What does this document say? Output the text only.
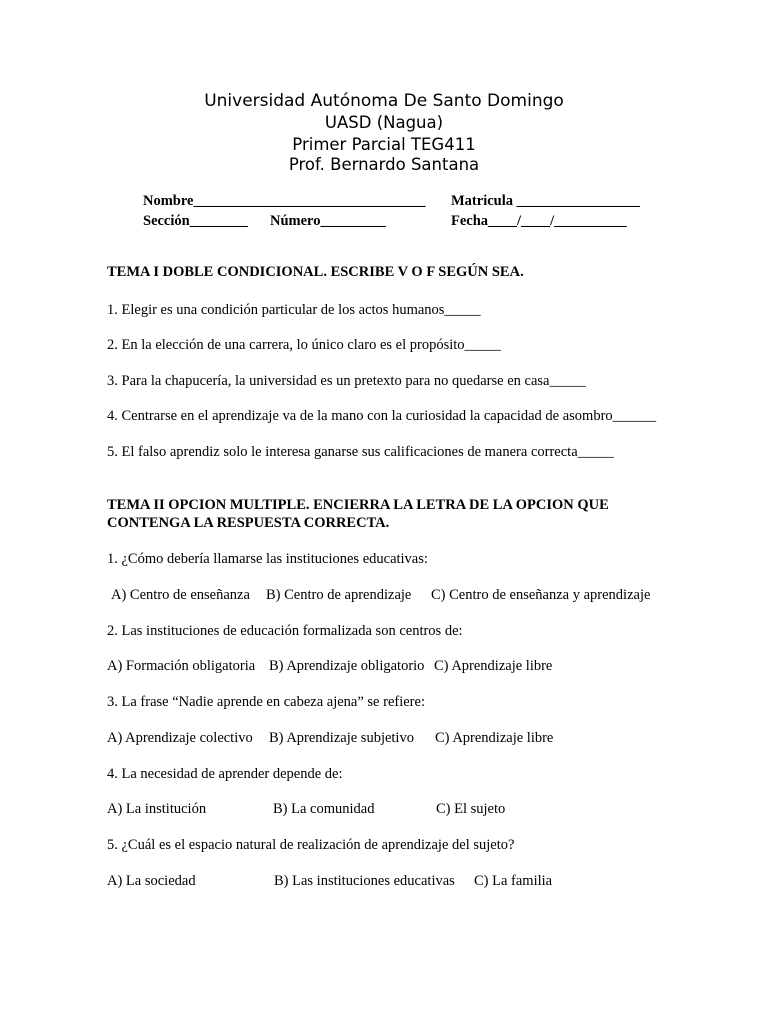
Universidad Autónoma De Santo Domingo
UASD (Nagua)
Primer Parcial TEG411
Prof. Bernardo Santana
Nombre________________________________ Matricula _________________
Sección________ Número_________	Fecha____/____/__________
TEMA I DOBLE CONDICIONAL. ESCRIBE V O F SEGÚN SEA.
1. Elegir es una condición particular de los actos humanos_____
2. En la elección de una carrera, lo único claro es el propósito_____
3. Para la chapucería, la universidad es un pretexto para no quedarse en casa_____
4. Centrarse en el aprendizaje va de la mano con la curiosidad la capacidad de asombro______
5. El falso aprendiz solo le interesa ganarse sus calificaciones de manera correcta_____
TEMA II OPCION MULTIPLE. ENCIERRA LA LETRA DE LA OPCION QUE
CONTENGA LA RESPUESTA CORRECTA.
1. ¿Cómo debería llamarse las instituciones educativas:
A) Centro de enseñanza B) Centro de aprendizaje C) Centro de enseñanza y aprendizaje
2. Las instituciones de educación formalizada son centros de:
A) Formación obligatoria B) Aprendizaje obligatorio C) Aprendizaje libre
3. La frase “Nadie aprende en cabeza ajena” se refiere:
A) Aprendizaje colectivo B) Aprendizaje subjetivo C) Aprendizaje libre
4. La necesidad de aprender depende de:
A) La institución	B) La comunidad	C) El sujeto
5. ¿Cuál es el espacio natural de realización de aprendizaje del sujeto?
A) La sociedad	B) Las instituciones educativas C) La familia
